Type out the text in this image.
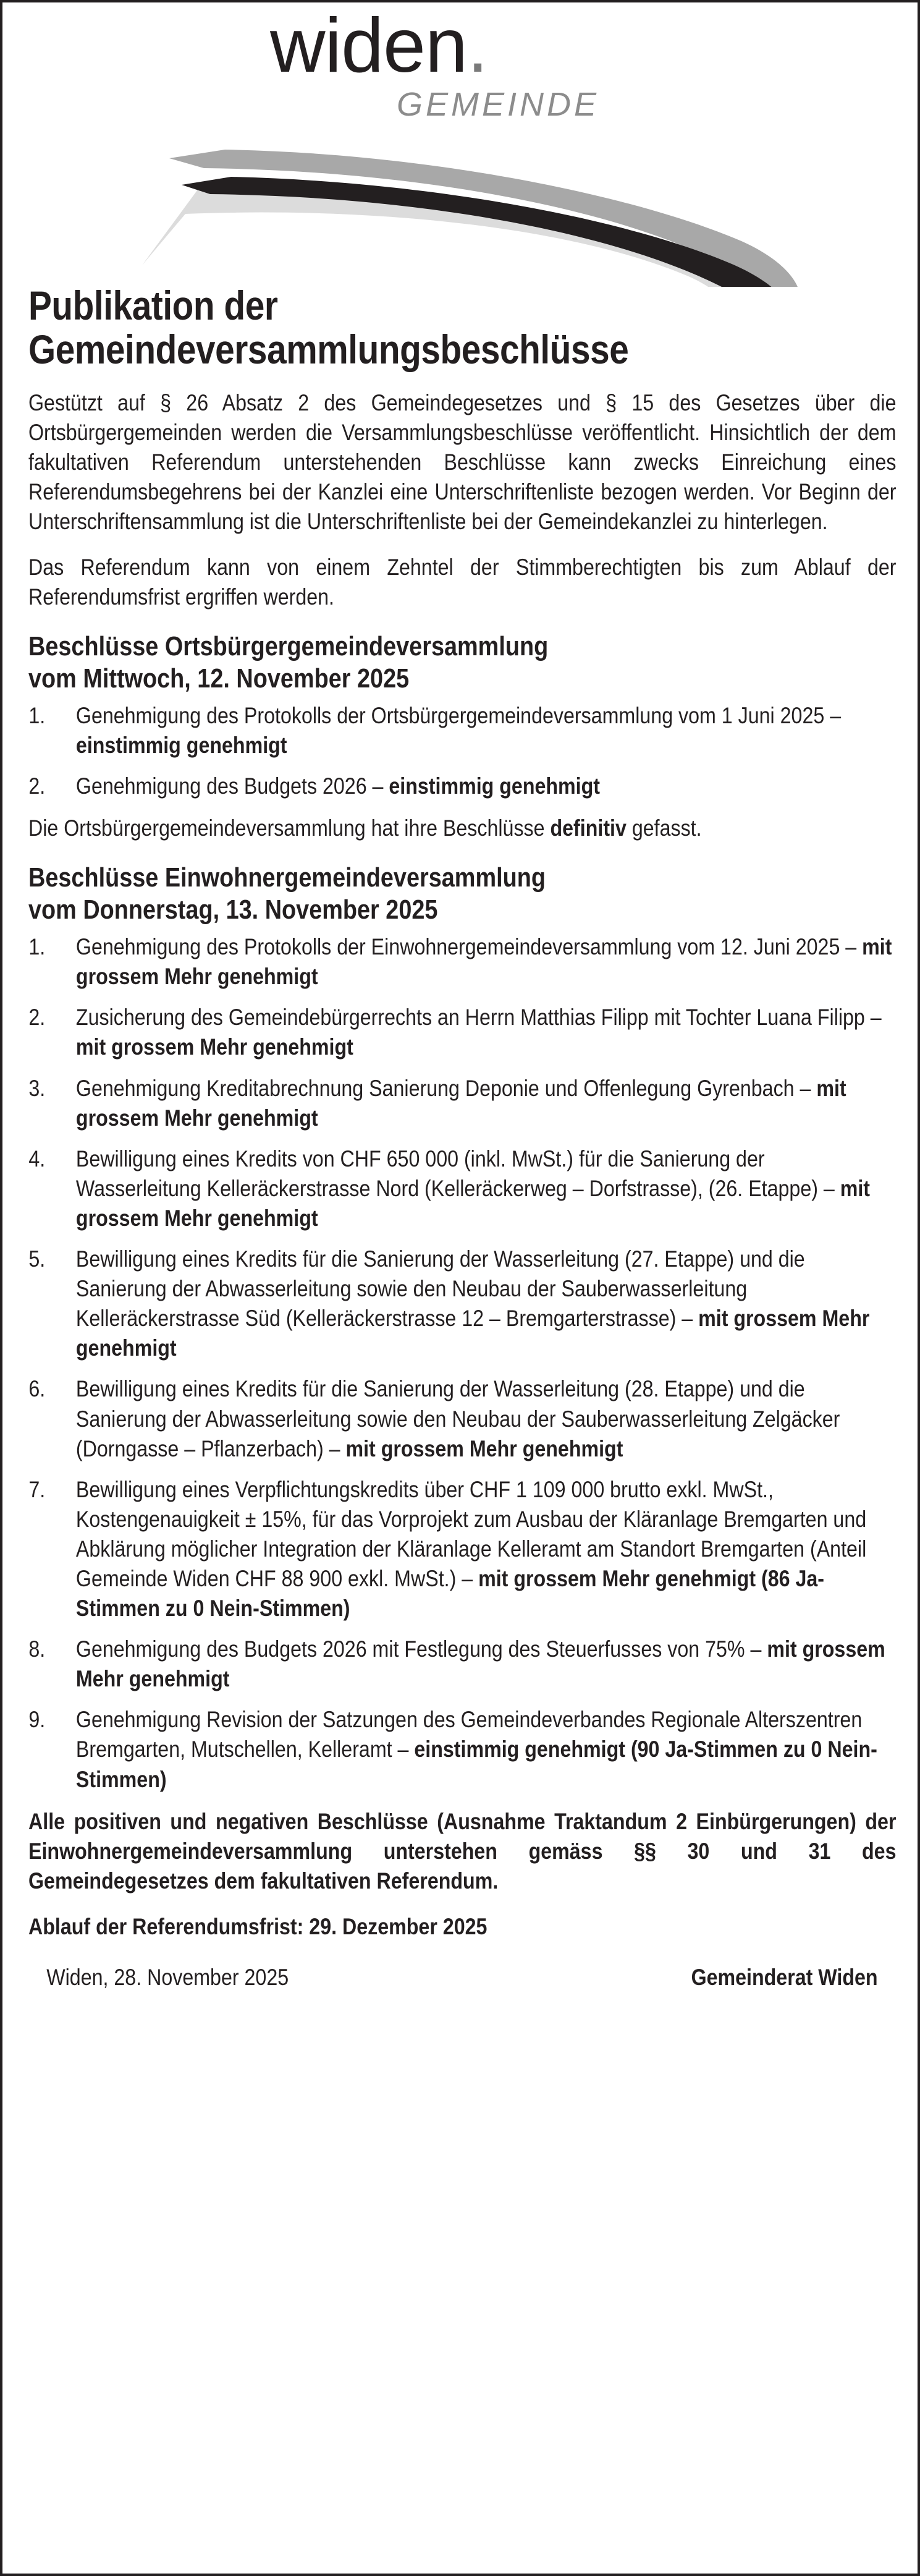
widen.
GEMEINDE
Publikation der
Gemeindeversammlungsbeschlüsse

Gestützt auf § 26 Absatz 2 des Gemeindegesetzes und § 15 des Gesetzes über die Ortsbürgergemeinden werden die Versammlungsbeschlüsse veröffentlicht. Hinsichtlich der dem fakultativen Referendum unterstehenden Beschlüsse kann zwecks Einreichung eines Referendumsbegehrens bei der Kanzlei eine Unterschriftenliste bezogen werden. Vor Beginn der Unterschriftensammlung ist die Unterschriftenliste bei der Gemeindekanzlei zu hinterlegen.

Das Referendum kann von einem Zehntel der Stimmberechtigten bis zum Ablauf der Referendumsfrist ergriffen werden.

Beschlüsse Ortsbürgergemeindeversammlung
vom Mittwoch, 12. November 2025
1.	Genehmigung des Protokolls der Ortsbürgergemeindeversammlung vom 1 Juni 2025 – einstimmig genehmigt
2.	Genehmigung des Budgets 2026 – einstimmig genehmigt

Die Ortsbürgergemeindeversammlung hat ihre Beschlüsse definitiv gefasst.

Beschlüsse Einwohnergemeindeversammlung
vom Donnerstag, 13. November 2025
1.	Genehmigung des Protokolls der Einwohnergemeindeversammlung vom 12. Juni 2025 – mit grossem Mehr genehmigt
2.	Zusicherung des Gemeindebürgerrechts an Herrn Matthias Filipp mit Tochter Luana Filipp – mit grossem Mehr genehmigt
3.	Genehmigung Kreditabrechnung Sanierung Deponie und Offenlegung Gyrenbach – mit grossem Mehr genehmigt
4.	Bewilligung eines Kredits von CHF 650 000 (inkl. MwSt.) für die Sanierung der Wasserleitung Kelleräckerstrasse Nord (Kelleräckerweg – Dorfstrasse), (26. Etappe) – mit grossem Mehr genehmigt
5.	Bewilligung eines Kredits für die Sanierung der Wasserleitung (27. Etappe) und die Sanierung der Abwasserleitung sowie den Neubau der Sauberwasserleitung Kelleräckerstrasse Süd (Kelleräckerstrasse 12 – Bremgarterstrasse) – mit grossem Mehr genehmigt
6.	Bewilligung eines Kredits für die Sanierung der Wasserleitung (28. Etappe) und die Sanierung der Abwasserleitung sowie den Neubau der Sauberwasserleitung Zelgäcker (Dorngasse – Pflanzerbach) – mit grossem Mehr genehmigt
7.	Bewilligung eines Verpflichtungskredits über CHF 1 109 000 brutto exkl. MwSt., Kostengenauigkeit ± 15%, für das Vorprojekt zum Ausbau der Kläranlage Bremgarten und Abklärung möglicher Integration der Kläranlage Kelleramt am Standort Bremgarten (Anteil Gemeinde Widen CHF 88 900 exkl. MwSt.) – mit grossem Mehr genehmigt (86 Ja-Stimmen zu 0 Nein-Stimmen)
8.	Genehmigung des Budgets 2026 mit Festlegung des Steuerfusses von 75% – mit grossem Mehr genehmigt
9.	Genehmigung Revision der Satzungen des Gemeindeverbandes Regionale Alterszentren Bremgarten, Mutschellen, Kelleramt – einstimmig genehmigt (90 Ja-Stimmen zu 0 Nein-Stimmen)

Alle positiven und negativen Beschlüsse (Ausnahme Traktandum 2 Einbürgerungen) der Einwohnergemeindeversammlung unterstehen gemäss §§ 30 und 31 des Gemeindegesetzes dem fakultativen Referendum.

Ablauf der Referendumsfrist: 29. Dezember 2025

Widen, 28. November 2025	Gemeinderat Widen
